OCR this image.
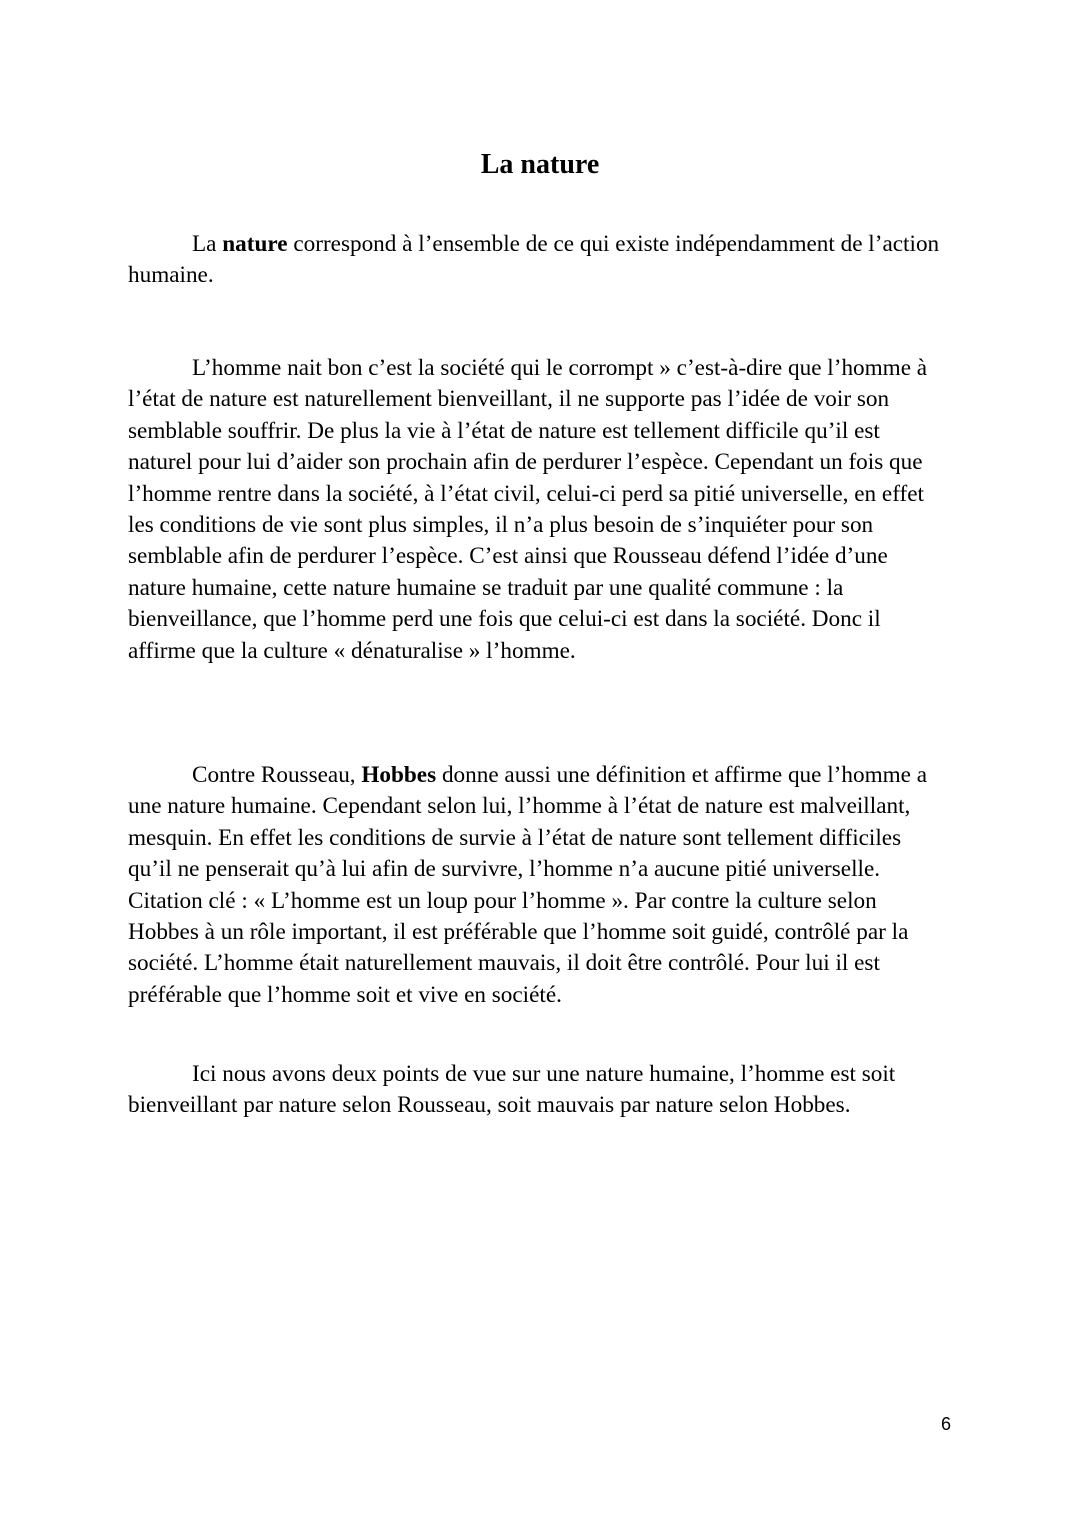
La nature

La nature correspond à l’ensemble de ce qui existe indépendamment de l’action humaine.

L’homme nait bon c’est la société qui le corrompt » c’est-à-dire que l’homme à l’état de nature est naturellement bienveillant, il ne supporte pas l’idée de voir son semblable souffrir. De plus la vie à l’état de nature est tellement difficile qu’il est naturel pour lui d’aider son prochain afin de perdurer l’espèce. Cependant un fois que l’homme rentre dans la société, à l’état civil, celui-ci perd sa pitié universelle, en effet les conditions de vie sont plus simples, il n’a plus besoin de s’inquiéter pour son semblable afin de perdurer l’espèce. C’est ainsi que Rousseau défend l’idée d’une nature humaine, cette nature humaine se traduit par une qualité commune : la bienveillance, que l’homme perd une fois que celui-ci est dans la société. Donc il affirme que la culture « dénaturalise » l’homme.

Contre Rousseau, Hobbes donne aussi une définition et affirme que l’homme a une nature humaine. Cependant selon lui, l’homme à l’état de nature est malveillant, mesquin. En effet les conditions de survie à l’état de nature sont tellement difficiles qu’il ne penserait qu’à lui afin de survivre, l’homme n’a aucune pitié universelle. Citation clé : « L’homme est un loup pour l’homme ». Par contre la culture selon Hobbes à un rôle important, il est préférable que l’homme soit guidé, contrôlé par la société. L’homme était naturellement mauvais, il doit être contrôlé. Pour lui il est préférable que l’homme soit et vive en société.

Ici nous avons deux points de vue sur une nature humaine, l’homme est soit bienveillant par nature selon Rousseau, soit mauvais par nature selon Hobbes.

6
